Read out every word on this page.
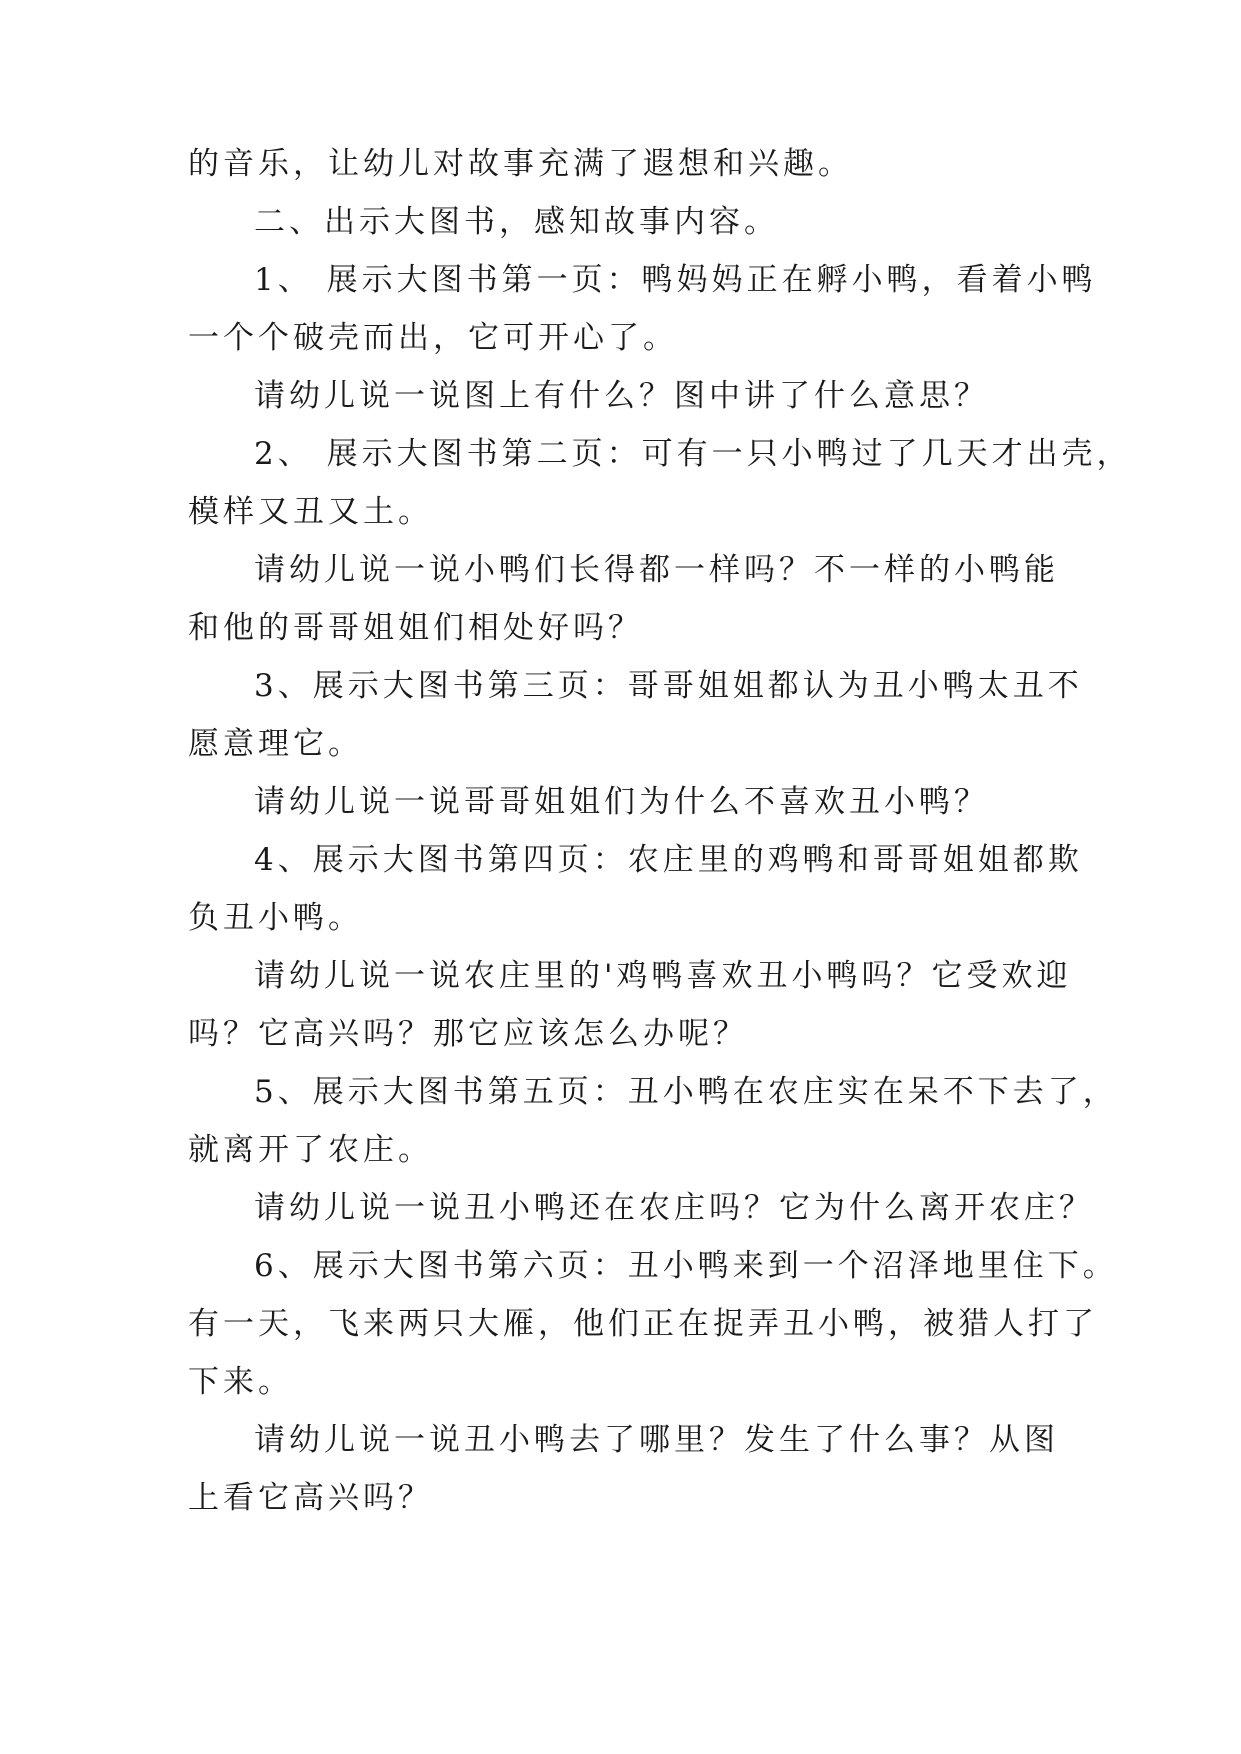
的音乐，让幼儿对故事充满了遐想和兴趣。
二、出示大图书，感知故事内容。
1、 展示大图书第一页：鸭妈妈正在孵小鸭，看着小鸭
一个个破壳而出，它可开心了。
请幼儿说一说图上有什么？图中讲了什么意思？
2、 展示大图书第二页：可有一只小鸭过了几天才出壳，
模样又丑又土。
请幼儿说一说小鸭们长得都一样吗？不一样的小鸭能
和他的哥哥姐姐们相处好吗？
3、展示大图书第三页：哥哥姐姐都认为丑小鸭太丑不
愿意理它。
请幼儿说一说哥哥姐姐们为什么不喜欢丑小鸭？
4、展示大图书第四页：农庄里的鸡鸭和哥哥姐姐都欺
负丑小鸭。
请幼儿说一说农庄里的'鸡鸭喜欢丑小鸭吗？它受欢迎
吗？它高兴吗？那它应该怎么办呢？
5、展示大图书第五页：丑小鸭在农庄实在呆不下去了，
就离开了农庄。
请幼儿说一说丑小鸭还在农庄吗？它为什么离开农庄？
6、展示大图书第六页：丑小鸭来到一个沼泽地里住下。
有一天，飞来两只大雁，他们正在捉弄丑小鸭，被猎人打了
下来。
请幼儿说一说丑小鸭去了哪里？发生了什么事？从图
上看它高兴吗？
